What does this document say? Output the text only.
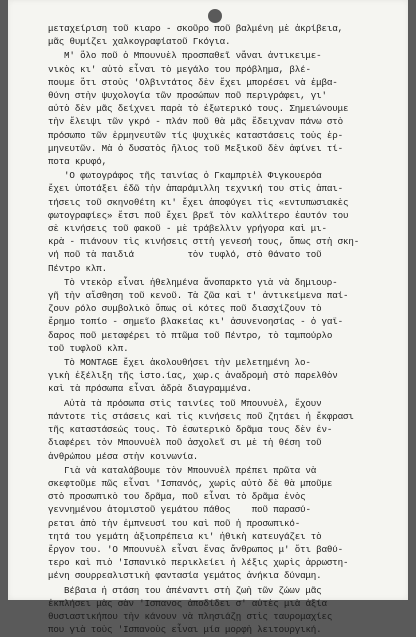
μεταχείριση τοῦ κιαρο - σκοῦρο ποῦ βαλμένη μὲ ἀκρίβεια,
μᾶς θυμίζει χαλκογραφίατοῦ Γκόγια.
Μ' ὅλο ποῦ ὁ Μπουνυὲλ προσπαθεῖ νἄναι ἀντικειμε-
νικὸς κι' αὐτὸ εἶναι τὸ μεγάλο του πρόβλημα, βλέ-
πουμε ὅτι στοὺς 'Ολβιντάτος δὲν ἔχει μπορέσει νὰ ἐμβα-
θύνη στὴν ψυχολογία τῶν προσώπων ποῦ περιγράφει, γι'
αὐτὸ δὲν μᾶς δείχνει παρὰ τὸ ἐξωτερικό τους. Σημειώνουμε
τὴν ἔλειψι τῶν γκρό - πλάν ποῦ θὰ μᾶς ἔδειχναν πάνω στὸ
πρόσωπο τῶν ἑρμηνευτῶν τίς ψυχικὲς καταστάσεις τοὺς ἑρ-
μηνευτῶν. Μὰ ὁ δυσατὸς ἥλιος τοῦ Μεξικοῦ δὲν ἀφίνει τί-
ποτα κρυφό,
'Ο φωτογράφος τῆς ταινίας ὁ Γκαμπριὲλ Φιγκουερόα
ἔχει ὑποτάξει ἐδῶ τὴν ἀπαράμιλλη τεχνική του στὶς ἀπαι-
τήσεις τοῦ σκηνοθέτη κι' ἔχει ἀποφύγει τὶς «εντυπωσιακὲς
φωτογραφίες» ἔτσι ποῦ ἔχει βρεῖ τὸν καλλίτερο ἑαυτόν του
σὲ κινήσεις τοῦ φακοῦ - μὲ τράβελλιν γρήγορα καὶ μι-
κρὰ - πιάνουν τὶς κινήσεις σττὴ γενεσή τους, ὅπως στὴ σκη-
νή ποῦ τὰ παιδιά          τὸν τυφλό, στὸ θάνατο τοῦ
Πέντρο κλπ.
Τὸ ντεκὸρ εἶναι ἠθελημένα ἄνοπαρκτο γιὰ νὰ δημιουρ-
γῆ τὴν αἴσθηση τοῦ κενοῦ. Τὰ ζῶα καὶ τ' ἀντικείμενα παί-
ζουν ρόλο συμβολικὸ ὅπως οἱ κότες ποῦ διασχίζουν τὸ
ἔρημο τοπίο - σημεῖο βλακείας κι' ἀσυνενοησίας - ὁ γαϊ-
δαρος ποῦ μεταφέρει τὸ πτῶμα τοῦ Πέντρο, τὸ ταμπούρλο
τοῦ τυφλοῦ κλπ.
Τὸ MONTAGE ἔχει ἀκολουθήσει τὴν μελετημένη λο-
γικὴ ἐξέλιξη τῆς ἱστο.ίας, χωρ.ς ἀναδρομὴ στὸ παρελθὸν
καὶ τὰ πρόσωπα εἶναι ἁδρὰ διαγραμμένα.
Αὐτὰ τὰ πρόσωπα στὶς ταινίες τοῦ Μπουνυὲλ, ἔχουν
πάντοτε τὶς στάσεις καὶ τὶς κινήσεις ποῦ ζητάει ἡ ἔκφρασι
τῆς καταστάσεώς τους. Τὸ ἐσωτερικὸ δρᾶμα τους δὲν ἐν-
διαφέρει τὸν Μπουνυὲλ ποῦ ἀσχολεῖ σι μὲ τὴ θέση τοῦ
ἀνθρώπου μέσα στὴν κοινωνία.
Γιὰ νὰ καταλάβουμε τὸν Μπουνυὲλ πρέπει πρῶτα νὰ
σκεφτοῦμε πῶς εἶναι 'Ισπανός, χωρὶς αὐτὸ δὲ θὰ μποῦμε
στὸ προσωπικὸ του δρᾶμα, ποῦ εἶναι τὸ δρᾶμα ἑνὸς
γεννημένου ἀτομιστοῦ γεμάτου πάθος    ποῦ παρασύ-
ρεται ἀπὸ τὴν ἐμπνευσί του καὶ ποῦ ἡ προσωπικό-
τητά του γεμάτη ἀξιοπρέπεια κι' ἠθικὴ κατευγάζει τὸ
ἔργον του. 'Ο Μπουνυὲλ εἶναι ἕνας ἄνθρωπος μ' ὅτι βαθύ-
τερο καὶ πιὸ 'Ισπανικὸ περικλείει ἡ λέξις χωρὶς ἀρρωστη-
μένη σουρρεαλιστικὴ φαντασία γεμάτος ἀνήκια δύναμη.
Βέβαια ἡ στάση του ἀπέναντι στὴ ζωὴ τῶν ζώων μᾶς
ἐκπλήσει μὰς σὰν 'Ισπανος ἀποδίδει σ' αὐτὲς μιὰ ἀξία
θυσιαστικήπου τὴν κάνουν νὰ πλησιάζῃ στὶς ταυρομαχίες
που γιὰ τοὺς 'Ισπανοὺς εἶναι μία μορφὴ λειτουργική.
